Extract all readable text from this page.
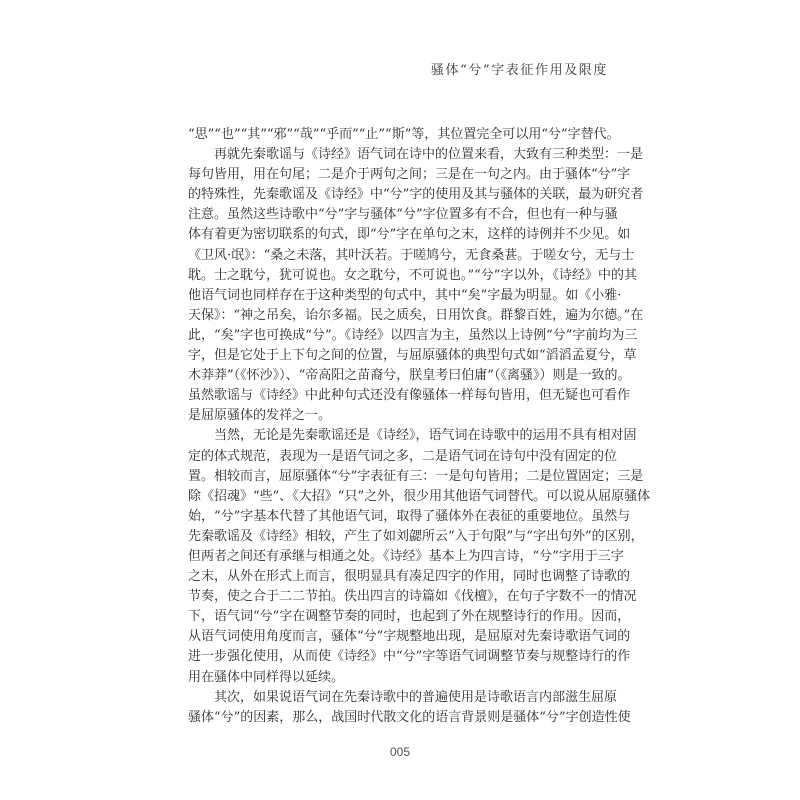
骚体“兮”字表征作用及限度
“思”“也”“其”“邪”“哉”“乎而”“止”“斯”等，其位置完全可以用“兮”字替代。
再就先秦歌谣与《诗经》语气词在诗中的位置来看，大致有三种类型：一是
每句皆用，用在句尾；二是介于两句之间；三是在一句之内。由于骚体“兮”字
的特殊性，先秦歌谣及《诗经》中“兮”字的使用及其与骚体的关联，最为研究者
注意。虽然这些诗歌中“兮”字与骚体“兮”字位置多有不合，但也有一种与骚
体有着更为密切联系的句式，即“兮”字在单句之末，这样的诗例并不少见。如
《卫风·氓》：“桑之未落，其叶沃若。于嗟鸠兮，无食桑葚。于嗟女兮，无与士
耽。士之耽兮，犹可说也。女之耽兮，不可说也。”“兮”字以外，《诗经》中的其
他语气词也同样存在于这种类型的句式中，其中“矣”字最为明显。如《小雅·
天保》：“神之吊矣，诒尔多福。民之质矣，日用饮食。群黎百姓，遍为尔德。”在
此，“矣”字也可换成“兮”。《诗经》以四言为主，虽然以上诗例“兮”字前均为三
字，但是它处于上下句之间的位置，与屈原骚体的典型句式如“滔滔孟夏兮，草
木莽莽”（《怀沙》）、“帝高阳之苗裔兮，朕皇考曰伯庸”（《离骚》）则是一致的。
虽然歌谣与《诗经》中此种句式还没有像骚体一样每句皆用，但无疑也可看作
是屈原骚体的发祥之一。
当然，无论是先秦歌谣还是《诗经》，语气词在诗歌中的运用不具有相对固
定的体式规范，表现为一是语气词之多，二是语气词在诗句中没有固定的位
置。相较而言，屈原骚体“兮”字表征有三：一是句句皆用；二是位置固定；三是
除《招魂》“些”、《大招》“只”之外，很少用其他语气词替代。可以说从屈原骚体
始，“兮”字基本代替了其他语气词，取得了骚体外在表征的重要地位。虽然与
先秦歌谣及《诗经》相较，产生了如刘勰所云“入于句限”与“字出句外”的区别，
但两者之间还有承继与相通之处。《诗经》基本上为四言诗，“兮”字用于三字
之末，从外在形式上而言，很明显具有凑足四字的作用，同时也调整了诗歌的
节奏，使之合于二二节拍。佚出四言的诗篇如《伐檀》，在句子字数不一的情况
下，语气词“兮”字在调整节奏的同时，也起到了外在规整诗行的作用。因而，
从语气词使用角度而言，骚体“兮”字规整地出现，是屈原对先秦诗歌语气词的
进一步强化使用，从而使《诗经》中“兮”字等语气词调整节奏与规整诗行的作
用在骚体中同样得以延续。
其次，如果说语气词在先秦诗歌中的普遍使用是诗歌语言内部滋生屈原
骚体“兮”的因素，那么，战国时代散文化的语言背景则是骚体“兮”字创造性使
005
